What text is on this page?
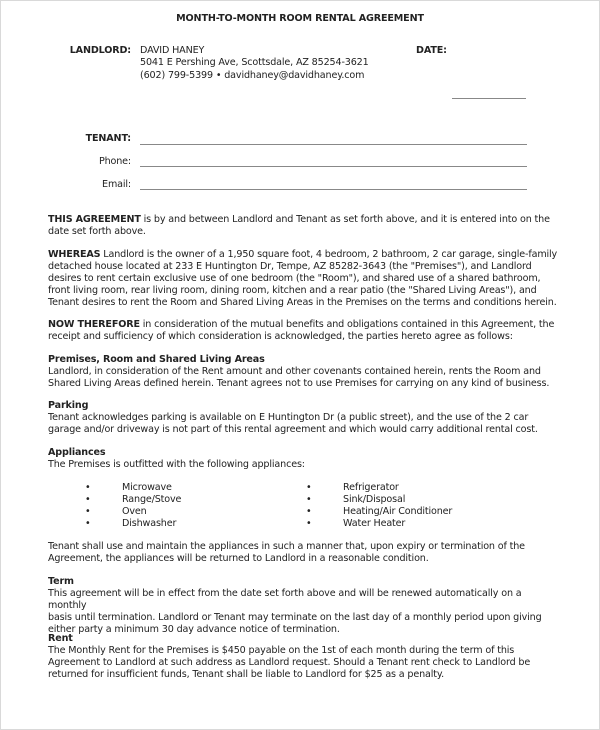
MONTH-TO-MONTH ROOM RENTAL AGREEMENT
LANDLORD: DAVID HANEY
5041 E Pershing Ave, Scottsdale, AZ 85254-3621
(602) 799-5399 • davidhaney@davidhaney.com
DATE:
TENANT:
Phone:
Email:

THIS AGREEMENT is by and between Landlord and Tenant as set forth above, and it is entered into on the

date set forth above.

WHEREAS Landlord is the owner of a 1,950 square foot, 4 bedroom, 2 bathroom, 2 car garage, single-family

detached house located at 233 E Huntington Dr, Tempe, AZ 85282-3643 (the "Premises"), and Landlord

desires to rent certain exclusive use of one bedroom (the "Room"), and shared use of a shared bathroom,

front living room, rear living room, dining room, kitchen and a rear patio (the "Shared Living Areas"), and

Tenant desires to rent the Room and Shared Living Areas in the Premises on the terms and conditions herein.

NOW THEREFORE in consideration of the mutual benefits and obligations contained in this Agreement, the

receipt and sufficiency of which consideration is acknowledged, the parties hereto agree as follows:

Premises, Room and Shared Living Areas

Landlord, in consideration of the Rent amount and other covenants contained herein, rents the Room and

Shared Living Areas defined herein. Tenant agrees not to use Premises for carrying on any kind of business.

Parking

Tenant acknowledges parking is available on E Huntington Dr (a public street), and the use of the 2 car

garage and/or driveway is not part of this rental agreement and which would carry additional rental cost.

Appliances

The Premises is outfitted with the following appliances:

•	Microwave
•	Range/Stove
•	Oven
•	Dishwasher
•	Refrigerator
•	Sink/Disposal
•	Heating/Air Conditioner
•	Water Heater

Tenant shall use and maintain the appliances in such a manner that, upon expiry or termination of the

Agreement, the appliances will be returned to Landlord in a reasonable condition.

Term

This agreement will be in effect from the date set forth above and will be renewed automatically on a monthly

basis until termination. Landlord or Tenant may terminate on the last day of a monthly period upon giving

either party a minimum 30 day advance notice of termination.

Rent

The Monthly Rent for the Premises is $450 payable on the 1st of each month during the term of this

Agreement to Landlord at such address as Landlord request. Should a Tenant rent check to Landlord be

returned for insufficient funds, Tenant shall be liable to Landlord for $25 as a penalty.
